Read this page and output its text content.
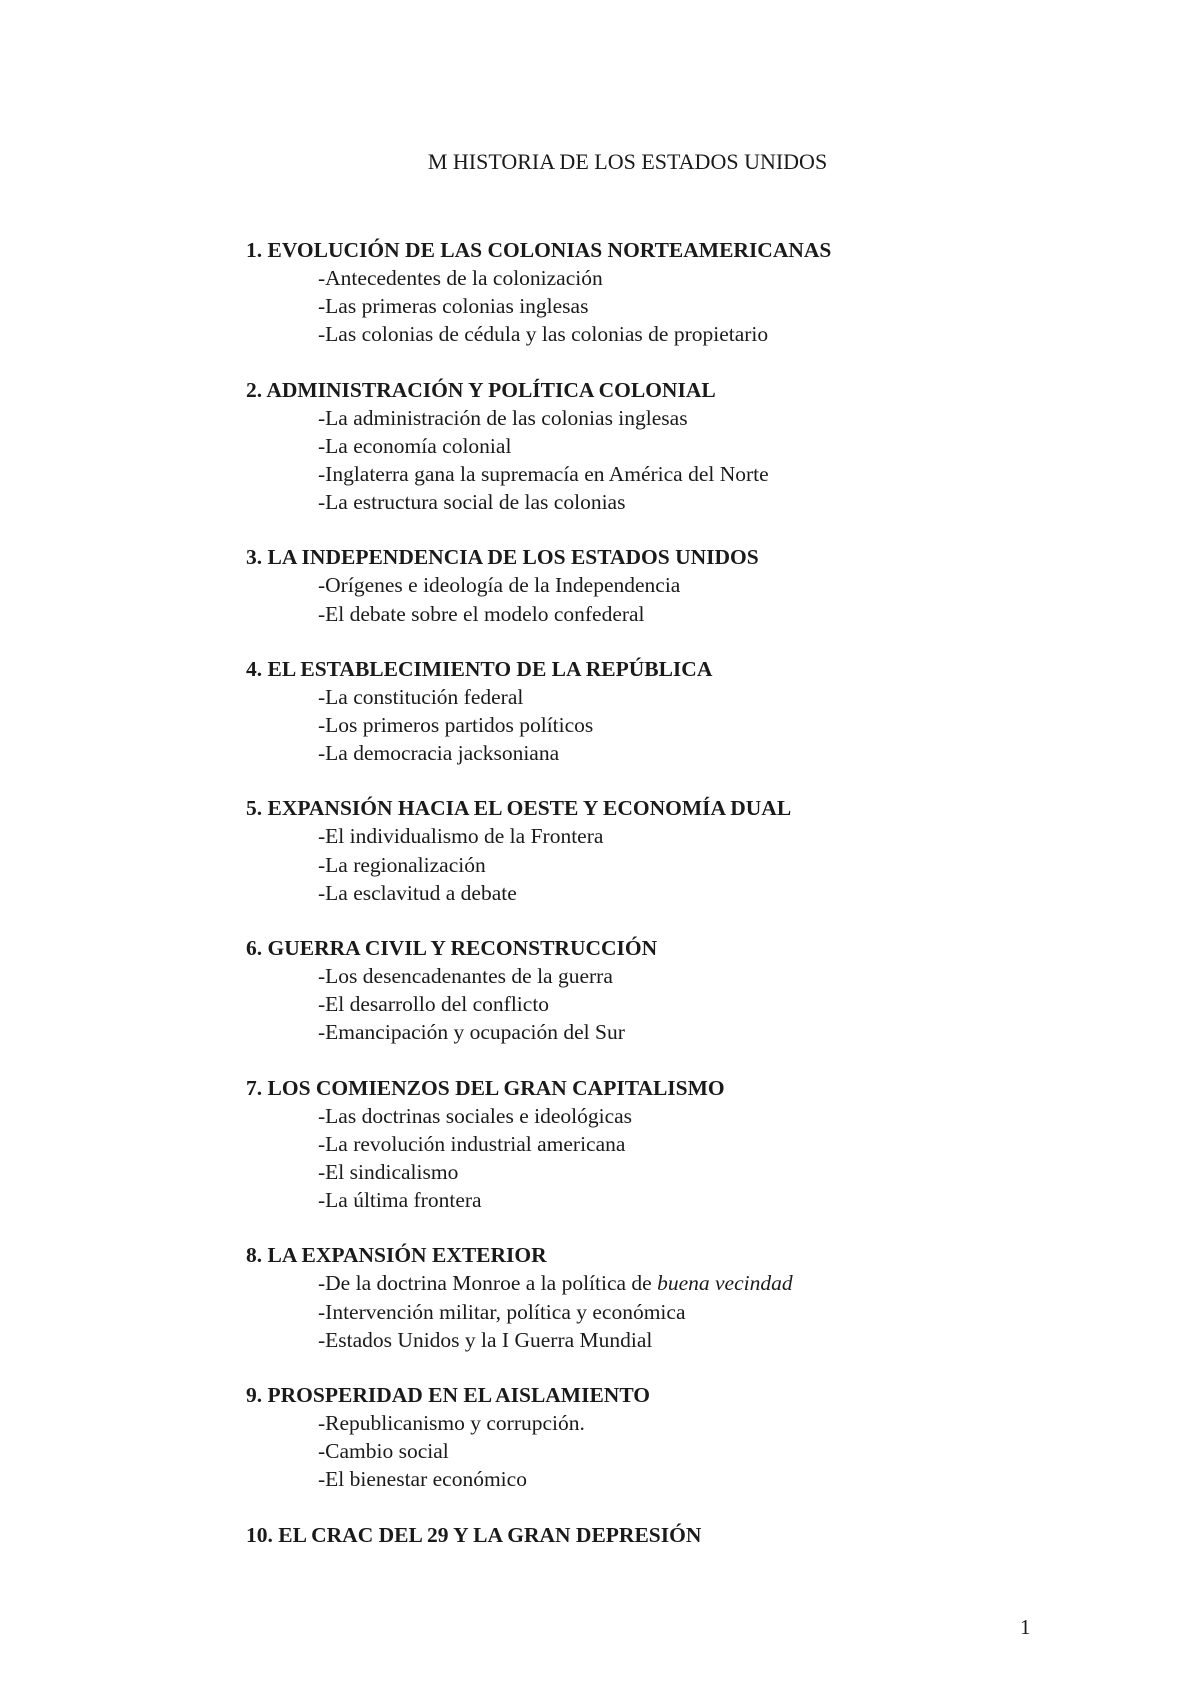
M HISTORIA DE LOS ESTADOS UNIDOS
1. EVOLUCIÓN DE LAS COLONIAS NORTEAMERICANAS
-Antecedentes de la colonización
-Las primeras colonias inglesas
-Las colonias de cédula y las colonias de propietario
2. ADMINISTRACIÓN Y POLÍTICA COLONIAL
-La administración de las colonias inglesas
-La economía colonial
-Inglaterra gana la supremacía en América del Norte
-La estructura social de las colonias
3. LA INDEPENDENCIA DE LOS ESTADOS UNIDOS
-Orígenes e ideología de la Independencia
-El debate sobre el modelo confederal
4. EL ESTABLECIMIENTO DE LA REPÚBLICA
-La constitución federal
-Los primeros partidos políticos
-La democracia jacksoniana
5. EXPANSIÓN HACIA EL OESTE Y ECONOMÍA DUAL
-El individualismo de la Frontera
-La regionalización
-La esclavitud a debate
6. GUERRA CIVIL Y RECONSTRUCCIÓN
-Los desencadenantes de la guerra
-El desarrollo del conflicto
-Emancipación y ocupación del Sur
7. LOS COMIENZOS DEL GRAN CAPITALISMO
-Las doctrinas sociales e ideológicas
-La revolución industrial americana
-El sindicalismo
-La última frontera
8. LA EXPANSIÓN EXTERIOR
-De la doctrina Monroe a la política de buena vecindad
-Intervención militar, política y económica
-Estados Unidos y la I Guerra Mundial
9. PROSPERIDAD EN EL AISLAMIENTO
-Republicanismo y corrupción.
-Cambio social
-El bienestar económico
10. EL CRAC DEL 29 Y LA GRAN DEPRESIÓN
1
